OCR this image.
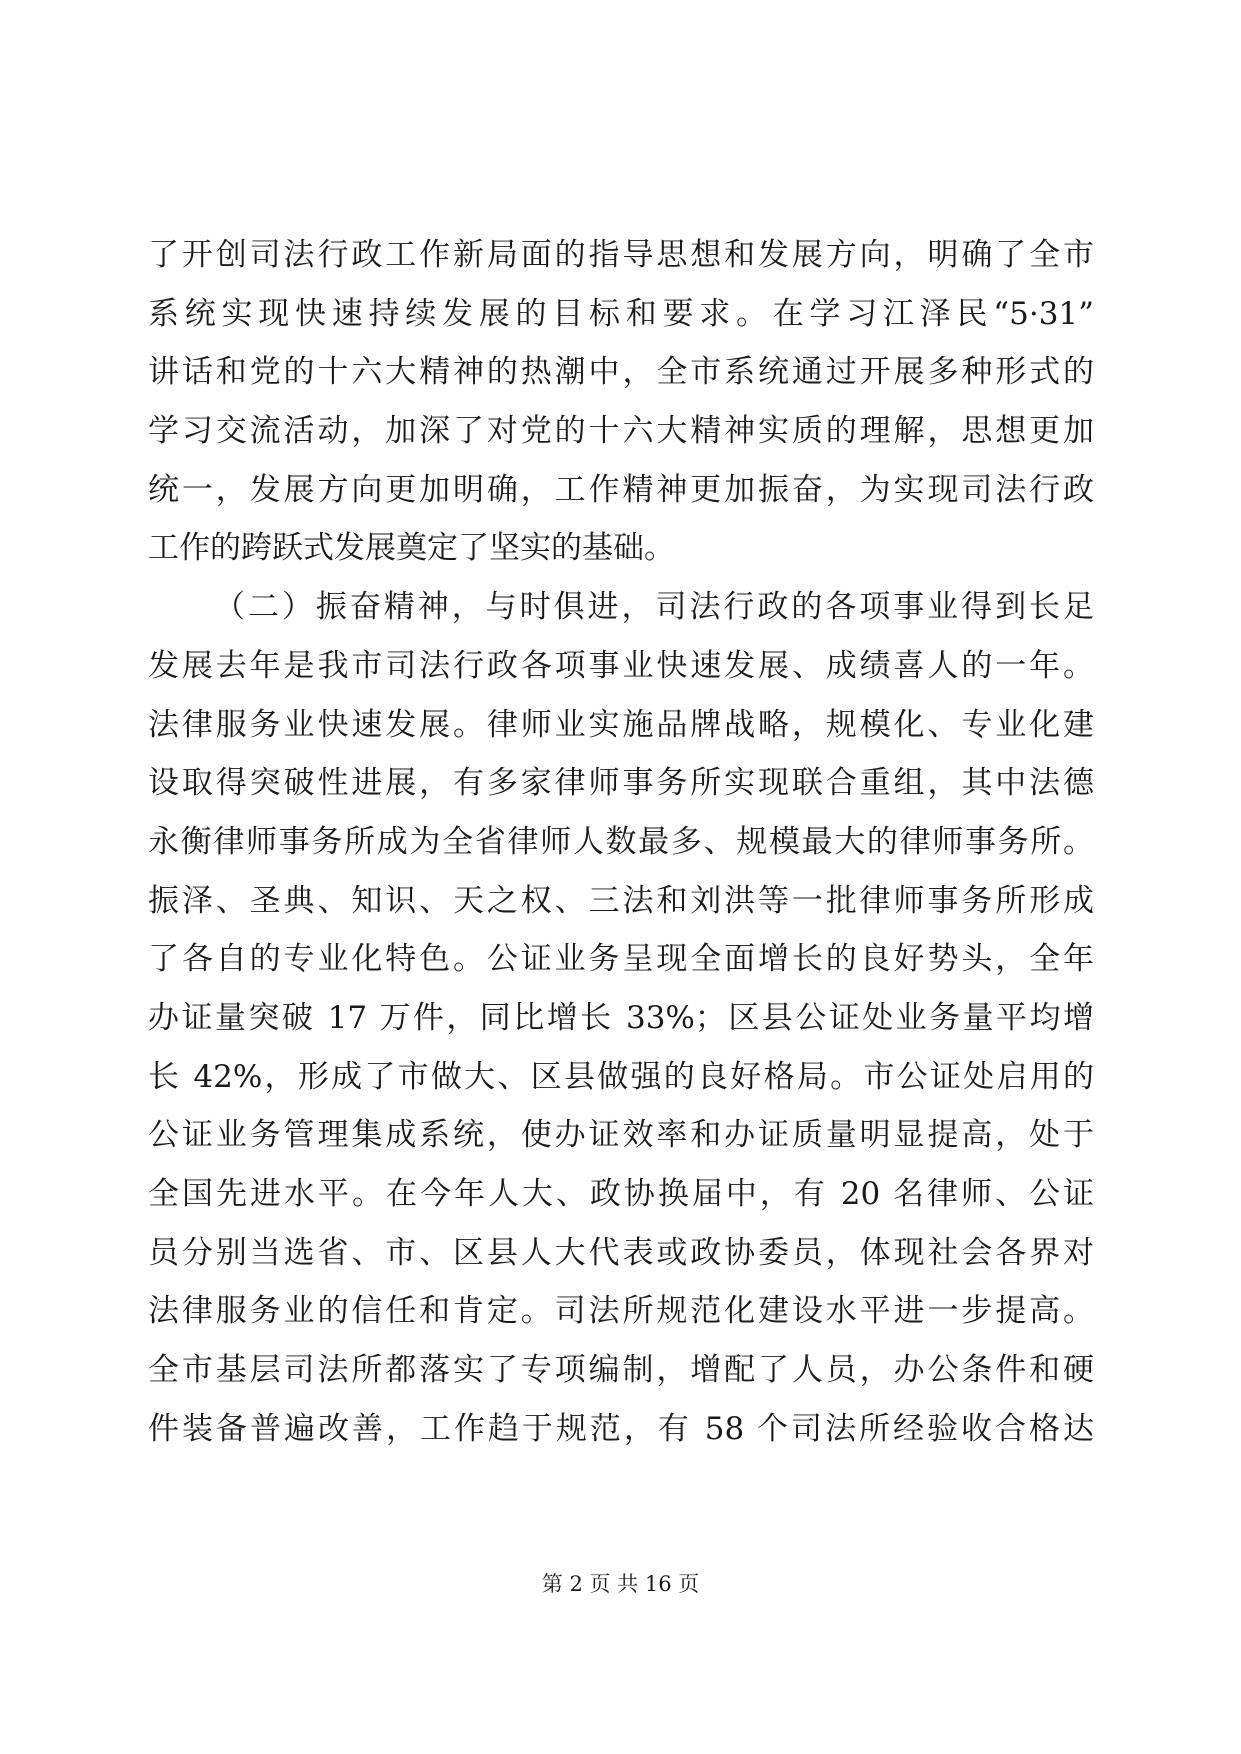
了开创司法行政工作新局面的指导思想和发展方向，明确了全市
系统实现快速持续发展的目标和要求。在学习江泽民“5·31”
讲话和党的十六大精神的热潮中，全市系统通过开展多种形式的
学习交流活动，加深了对党的十六大精神实质的理解，思想更加
统一，发展方向更加明确，工作精神更加振奋，为实现司法行政
工作的跨跃式发展奠定了坚实的基础。
（二）振奋精神，与时俱进，司法行政的各项事业得到长足
发展去年是我市司法行政各项事业快速发展、成绩喜人的一年。
法律服务业快速发展。律师业实施品牌战略，规模化、专业化建
设取得突破性进展，有多家律师事务所实现联合重组，其中法德
永衡律师事务所成为全省律师人数最多、规模最大的律师事务所。
振泽、圣典、知识、天之权、三法和刘洪等一批律师事务所形成
了各自的专业化特色。公证业务呈现全面增长的良好势头，全年
办证量突破 17 万件，同比增长 33%；区县公证处业务量平均增
长 42%，形成了市做大、区县做强的良好格局。市公证处启用的
公证业务管理集成系统，使办证效率和办证质量明显提高，处于
全国先进水平。在今年人大、政协换届中，有 20 名律师、公证
员分别当选省、市、区县人大代表或政协委员，体现社会各界对
法律服务业的信任和肯定。司法所规范化建设水平进一步提高。
全市基层司法所都落实了专项编制，增配了人员，办公条件和硬
件装备普遍改善，工作趋于规范，有 58 个司法所经验收合格达
第 2 页 共 16 页
